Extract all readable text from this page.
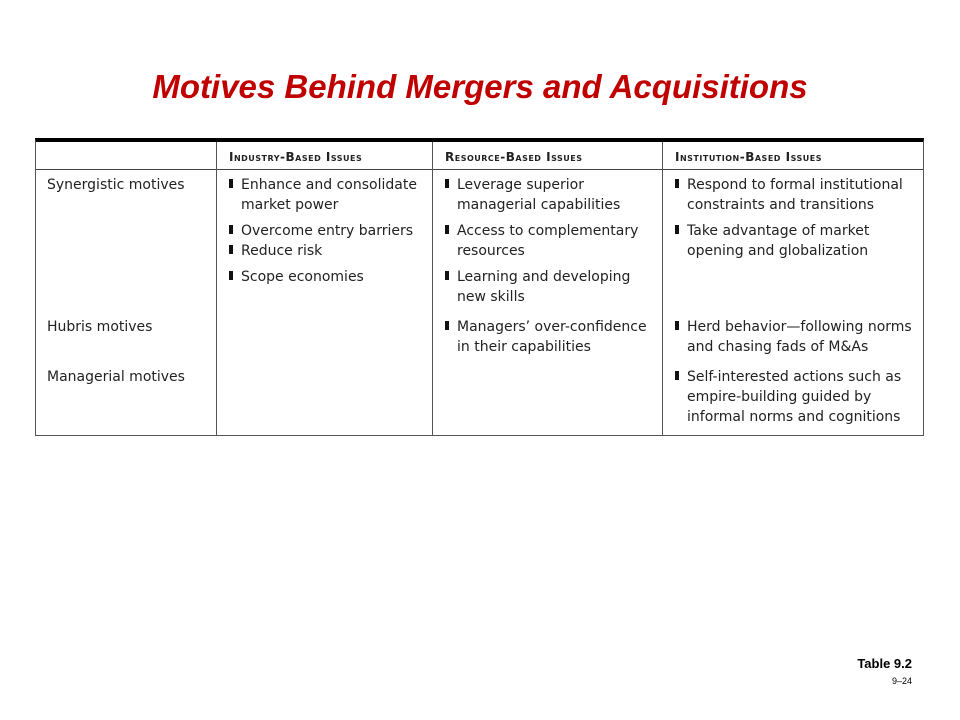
Motives Behind Mergers and Acquisitions
Industry-Based Issues	Resource-Based Issues	Institution-Based Issues
Synergistic motives
Hubris motives
Managerial motives
Enhance and consolidate
market power
Overcome entry barriers
Reduce risk
Scope economies
Leverage superior
managerial capabilities
Access to complementary
resources
Learning and developing
new skills
Managers’ over-confidence
in their capabilities
Respond to formal institutional
constraints and transitions
Take advantage of market
opening and globalization
Herd behavior—following norms
and chasing fads of M&As
Self-interested actions such as
empire-building guided by
informal norms and cognitions
Table 9.2
9–24
